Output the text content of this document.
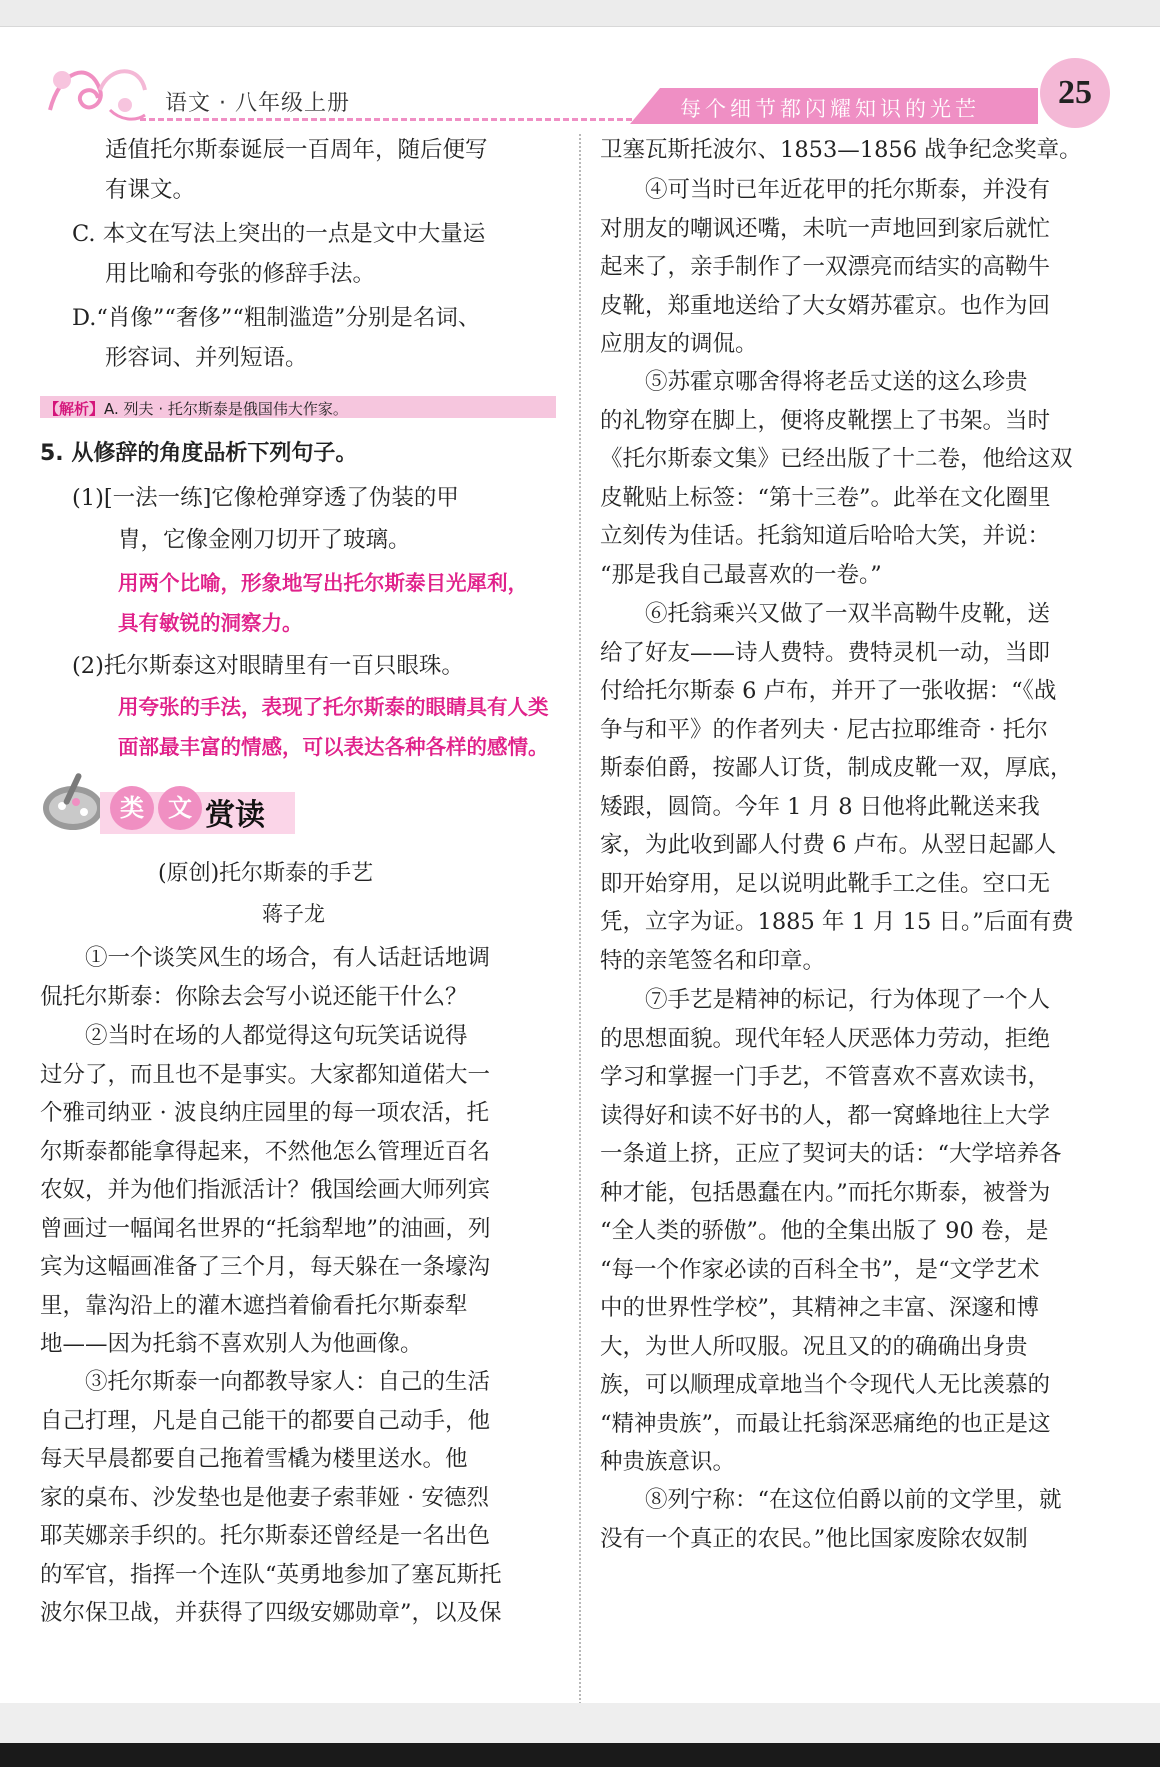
语文 · 八年级上册	每个细节都闪耀知识的光芒	25
适值托尔斯泰诞辰一百周年，随后便写
有课文。
C. 本文在写法上突出的一点是文中大量运
用比喻和夸张的修辞手法。
D.“肖像”“奢侈”“粗制滥造”分别是名词、
形容词、并列短语。
【解析】A. 列夫 · 托尔斯泰是俄国伟大作家。
5. 从修辞的角度品析下列句子。
(1)[一法一练]它像枪弹穿透了伪装的甲
胄，它像金刚刀切开了玻璃。
用两个比喻，形象地写出托尔斯泰目光犀利，
具有敏锐的洞察力。
(2)托尔斯泰这对眼睛里有一百只眼珠。
用夸张的手法，表现了托尔斯泰的眼睛具有人类
面部最丰富的情感，可以表达各种各样的感情。
类	文 赏读
(原创)托尔斯泰的手艺
蒋子龙
①一个谈笑风生的场合，有人话赶话地调
侃托尔斯泰：你除去会写小说还能干什么？
②当时在场的人都觉得这句玩笑话说得
过分了，而且也不是事实。大家都知道偌大一
个雅司纳亚 · 波良纳庄园里的每一项农活，托
尔斯泰都能拿得起来，不然他怎么管理近百名
农奴，并为他们指派活计？俄国绘画大师列宾
曾画过一幅闻名世界的“托翁犁地”的油画，列
宾为这幅画准备了三个月，每天躲在一条壕沟
里，靠沟沿上的灌木遮挡着偷看托尔斯泰犁
地——因为托翁不喜欢别人为他画像。
③托尔斯泰一向都教导家人：自己的生活
自己打理，凡是自己能干的都要自己动手，他
每天早晨都要自己拖着雪橇为楼里送水。他
家的桌布、沙发垫也是他妻子索菲娅 · 安德烈
耶芙娜亲手织的。托尔斯泰还曾经是一名出色
的军官，指挥一个连队“英勇地参加了塞瓦斯托
波尔保卫战，并获得了四级安娜勋章”，以及保
卫塞瓦斯托波尔、1853—1856 战争纪念奖章。
④可当时已年近花甲的托尔斯泰，并没有
对朋友的嘲讽还嘴，未吭一声地回到家后就忙
起来了，亲手制作了一双漂亮而结实的高靿牛
皮靴，郑重地送给了大女婿苏霍京。也作为回
应朋友的调侃。
⑤苏霍京哪舍得将老岳丈送的这么珍贵
的礼物穿在脚上，便将皮靴摆上了书架。当时
《托尔斯泰文集》已经出版了十二卷，他给这双
皮靴贴上标签：“第十三卷”。此举在文化圈里
立刻传为佳话。托翁知道后哈哈大笑，并说：
“那是我自己最喜欢的一卷。”
⑥托翁乘兴又做了一双半高靿牛皮靴，送
给了好友——诗人费特。费特灵机一动，当即
付给托尔斯泰 6 卢布，并开了一张收据：“《战
争与和平》的作者列夫 · 尼古拉耶维奇 · 托尔
斯泰伯爵，按鄙人订货，制成皮靴一双，厚底，
矮跟，圆筒。今年 1 月 8 日他将此靴送来我
家，为此收到鄙人付费 6 卢布。从翌日起鄙人
即开始穿用，足以说明此靴手工之佳。空口无
凭，立字为证。1885 年 1 月 15 日。”后面有费
特的亲笔签名和印章。
⑦手艺是精神的标记，行为体现了一个人
的思想面貌。现代年轻人厌恶体力劳动，拒绝
学习和掌握一门手艺，不管喜欢不喜欢读书，
读得好和读不好书的人，都一窝蜂地往上大学
一条道上挤，正应了契诃夫的话：“大学培养各
种才能，包括愚蠢在内。”而托尔斯泰，被誉为
“全人类的骄傲”。他的全集出版了 90 卷，是
“每一个作家必读的百科全书”，是“文学艺术
中的世界性学校”，其精神之丰富、深邃和博
大，为世人所叹服。况且又的的确确出身贵
族，可以顺理成章地当个令现代人无比羡慕的
“精神贵族”，而最让托翁深恶痛绝的也正是这
种贵族意识。
⑧列宁称：“在这位伯爵以前的文学里，就
没有一个真正的农民。”他比国家废除农奴制
